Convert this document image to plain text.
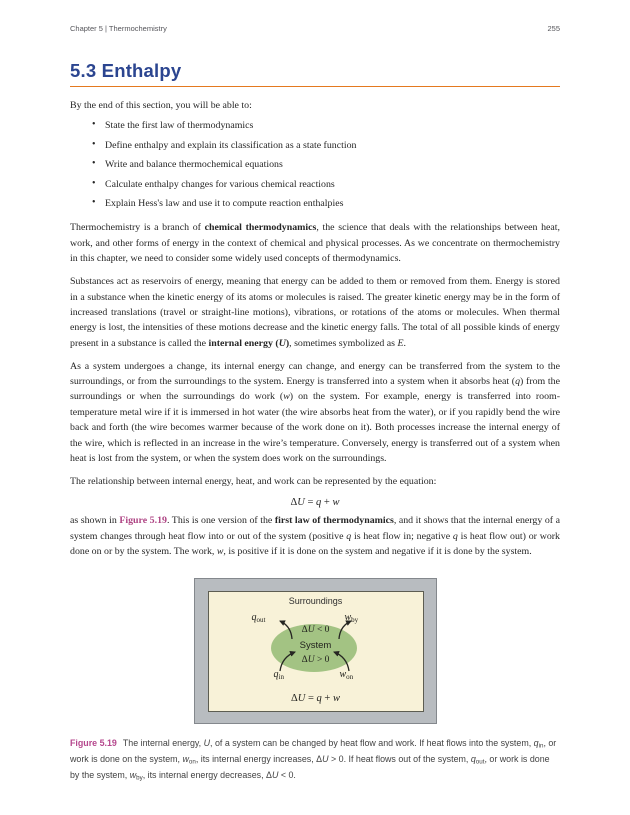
Chapter 5 | Thermochemistry	255
5.3 Enthalpy
By the end of this section, you will be able to:
• State the first law of thermodynamics
• Define enthalpy and explain its classification as a state function
• Write and balance thermochemical equations
• Calculate enthalpy changes for various chemical reactions
• Explain Hess's law and use it to compute reaction enthalpies

Thermochemistry is a branch of chemical thermodynamics, the science that deals with the relationships between heat, work, and other forms of energy in the context of chemical and physical processes. As we concentrate on thermochemistry in this chapter, we need to consider some widely used concepts of thermodynamics.

Substances act as reservoirs of energy, meaning that energy can be added to them or removed from them. Energy is stored in a substance when the kinetic energy of its atoms or molecules is raised. The greater kinetic energy may be in the form of increased translations (travel or straight-line motions), vibrations, or rotations of the atoms or molecules. When thermal energy is lost, the intensities of these motions decrease and the kinetic energy falls. The total of all possible kinds of energy present in a substance is called the internal energy (U), sometimes symbolized as E.

As a system undergoes a change, its internal energy can change, and energy can be transferred from the system to the surroundings, or from the surroundings to the system. Energy is transferred into a system when it absorbs heat (q) from the surroundings or when the surroundings do work (w) on the system. For example, energy is transferred into room-temperature metal wire if it is immersed in hot water (the wire absorbs heat from the water), or if you rapidly bend the wire back and forth (the wire becomes warmer because of the work done on it). Both processes increase the internal energy of the wire, which is reflected in an increase in the wire’s temperature. Conversely, energy is transferred out of a system when heat is lost from the system, or when the system does work on the surroundings.

The relationship between internal energy, heat, and work can be represented by the equation:

ΔU = q + w

as shown in Figure 5.19. This is one version of the first law of thermodynamics, and it shows that the internal energy of a system changes through heat flow into or out of the system (positive q is heat flow in; negative q is heat flow out) or work done on or by the system. The work, w, is positive if it is done on the system and negative if it is done by the system.

Surroundings
ΔU < 0
System
ΔU > 0
qout	wby
qin	won
ΔU = q + w
Figure 5.19 The internal energy, U, of a system can be changed by heat flow and work. If heat flows into the system, qin, or work is done on the system, won, its internal energy increases, ΔU > 0. If heat flows out of the system, qout, or work is done by the system, wby, its internal energy decreases, ΔU < 0.
